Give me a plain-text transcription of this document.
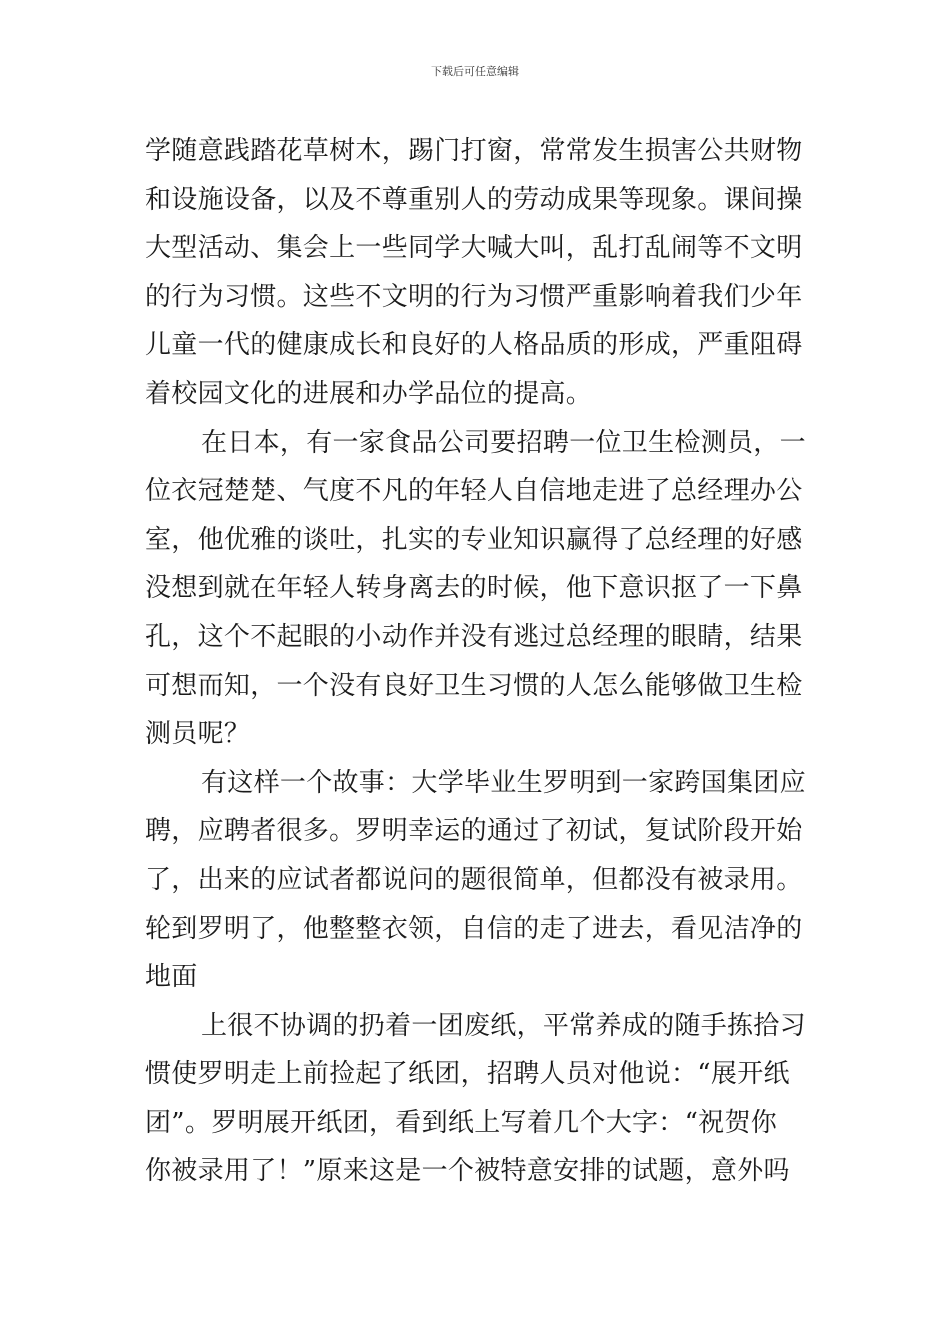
下载后可任意编辑
学随意践踏花草树木，踢门打窗，常常发生损害公共财物
和设施设备，以及不尊重别人的劳动成果等现象。课间操
大型活动、集会上一些同学大喊大叫，乱打乱闹等不文明
的行为习惯。这些不文明的行为习惯严重影响着我们少年
儿童一代的健康成长和良好的人格品质的形成，严重阻碍
着校园文化的进展和办学品位的提高。
在日本，有一家食品公司要招聘一位卫生检测员，一
位衣冠楚楚、气度不凡的年轻人自信地走进了总经理办公
室，他优雅的谈吐，扎实的专业知识赢得了总经理的好感
没想到就在年轻人转身离去的时候，他下意识抠了一下鼻
孔，这个不起眼的小动作并没有逃过总经理的眼睛，结果
可想而知，一个没有良好卫生习惯的人怎么能够做卫生检
测员呢？
有这样一个故事：大学毕业生罗明到一家跨国集团应
聘，应聘者很多。罗明幸运的通过了初试，复试阶段开始
了，出来的应试者都说问的题很简单，但都没有被录用。
轮到罗明了，他整整衣领，自信的走了进去，看见洁净的
地面
上很不协调的扔着一团废纸，平常养成的随手拣拾习
惯使罗明走上前捡起了纸团，招聘人员对他说：“展开纸
团”。罗明展开纸团，看到纸上写着几个大字：“祝贺你
你被录用了！”原来这是一个被特意安排的试题，意外吗
